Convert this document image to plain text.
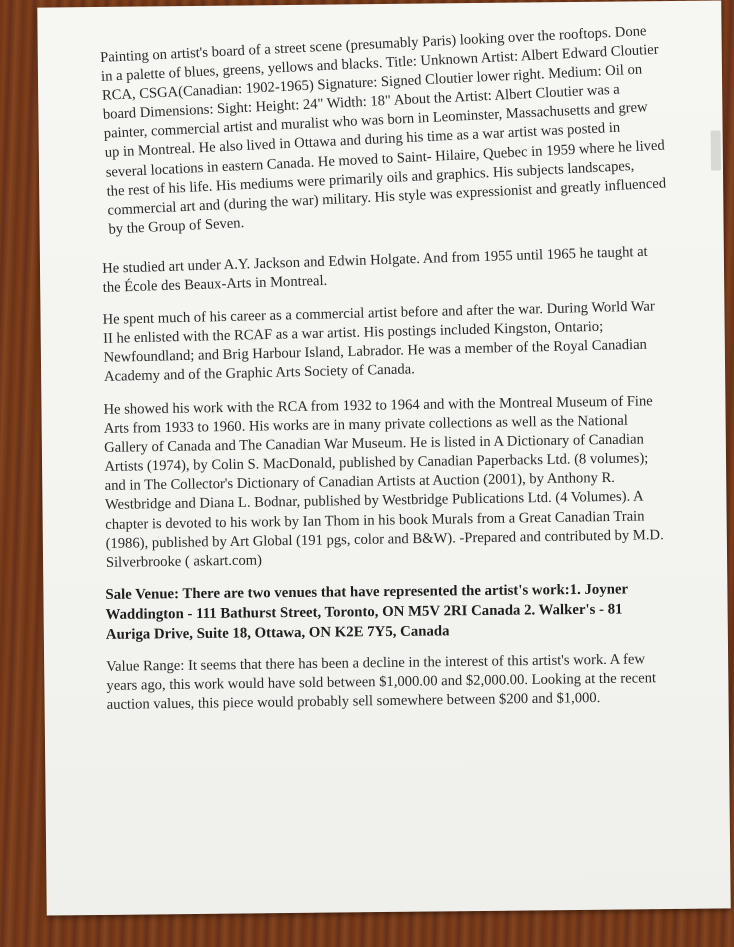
Painting on artist's board of a street scene (presumably Paris) looking over the rooftops. Done in a palette of blues, greens, yellows and blacks. Title: Unknown Artist: Albert Edward Cloutier RCA, CSGA(Canadian: 1902-1965) Signature: Signed Cloutier lower right. Medium: Oil on board Dimensions: Sight: Height: 24" Width: 18" About the Artist: Albert Cloutier was a painter, commercial artist and muralist who was born in Leominster, Massachusetts and grew up in Montreal. He also lived in Ottawa and during his time as a war artist was posted in several locations in eastern Canada. He moved to Saint- Hilaire, Quebec in 1959 where he lived the rest of his life. His mediums were primarily oils and graphics. His subjects landscapes, commercial art and (during the war) military. His style was expressionist and greatly influenced by the Group of Seven.

He studied art under A.Y. Jackson and Edwin Holgate. And from 1955 until 1965 he taught at the École des Beaux-Arts in Montreal.

He spent much of his career as a commercial artist before and after the war. During World War II he enlisted with the RCAF as a war artist. His postings included Kingston, Ontario; Newfoundland; and Brig Harbour Island, Labrador. He was a member of the Royal Canadian Academy and of the Graphic Arts Society of Canada.

He showed his work with the RCA from 1932 to 1964 and with the Montreal Museum of Fine Arts from 1933 to 1960. His works are in many private collections as well as the National Gallery of Canada and The Canadian War Museum. He is listed in A Dictionary of Canadian Artists (1974), by Colin S. MacDonald, published by Canadian Paperbacks Ltd. (8 volumes); and in The Collector's Dictionary of Canadian Artists at Auction (2001), by Anthony R. Westbridge and Diana L. Bodnar, published by Westbridge Publications Ltd. (4 Volumes). A chapter is devoted to his work by Ian Thom in his book Murals from a Great Canadian Train (1986), published by Art Global (191 pgs, color and B&W). -Prepared and contributed by M.D. Silverbrooke ( askart.com)

Sale Venue: There are two venues that have represented the artist's work:1. Joyner Waddington - 111 Bathurst Street, Toronto, ON M5V 2RI Canada 2. Walker's - 81 Auriga Drive, Suite 18, Ottawa, ON K2E 7Y5, Canada

Value Range: It seems that there has been a decline in the interest of this artist's work. A few years ago, this work would have sold between $1,000.00 and $2,000.00. Looking at the recent auction values, this piece would probably sell somewhere between $200 and $1,000.
